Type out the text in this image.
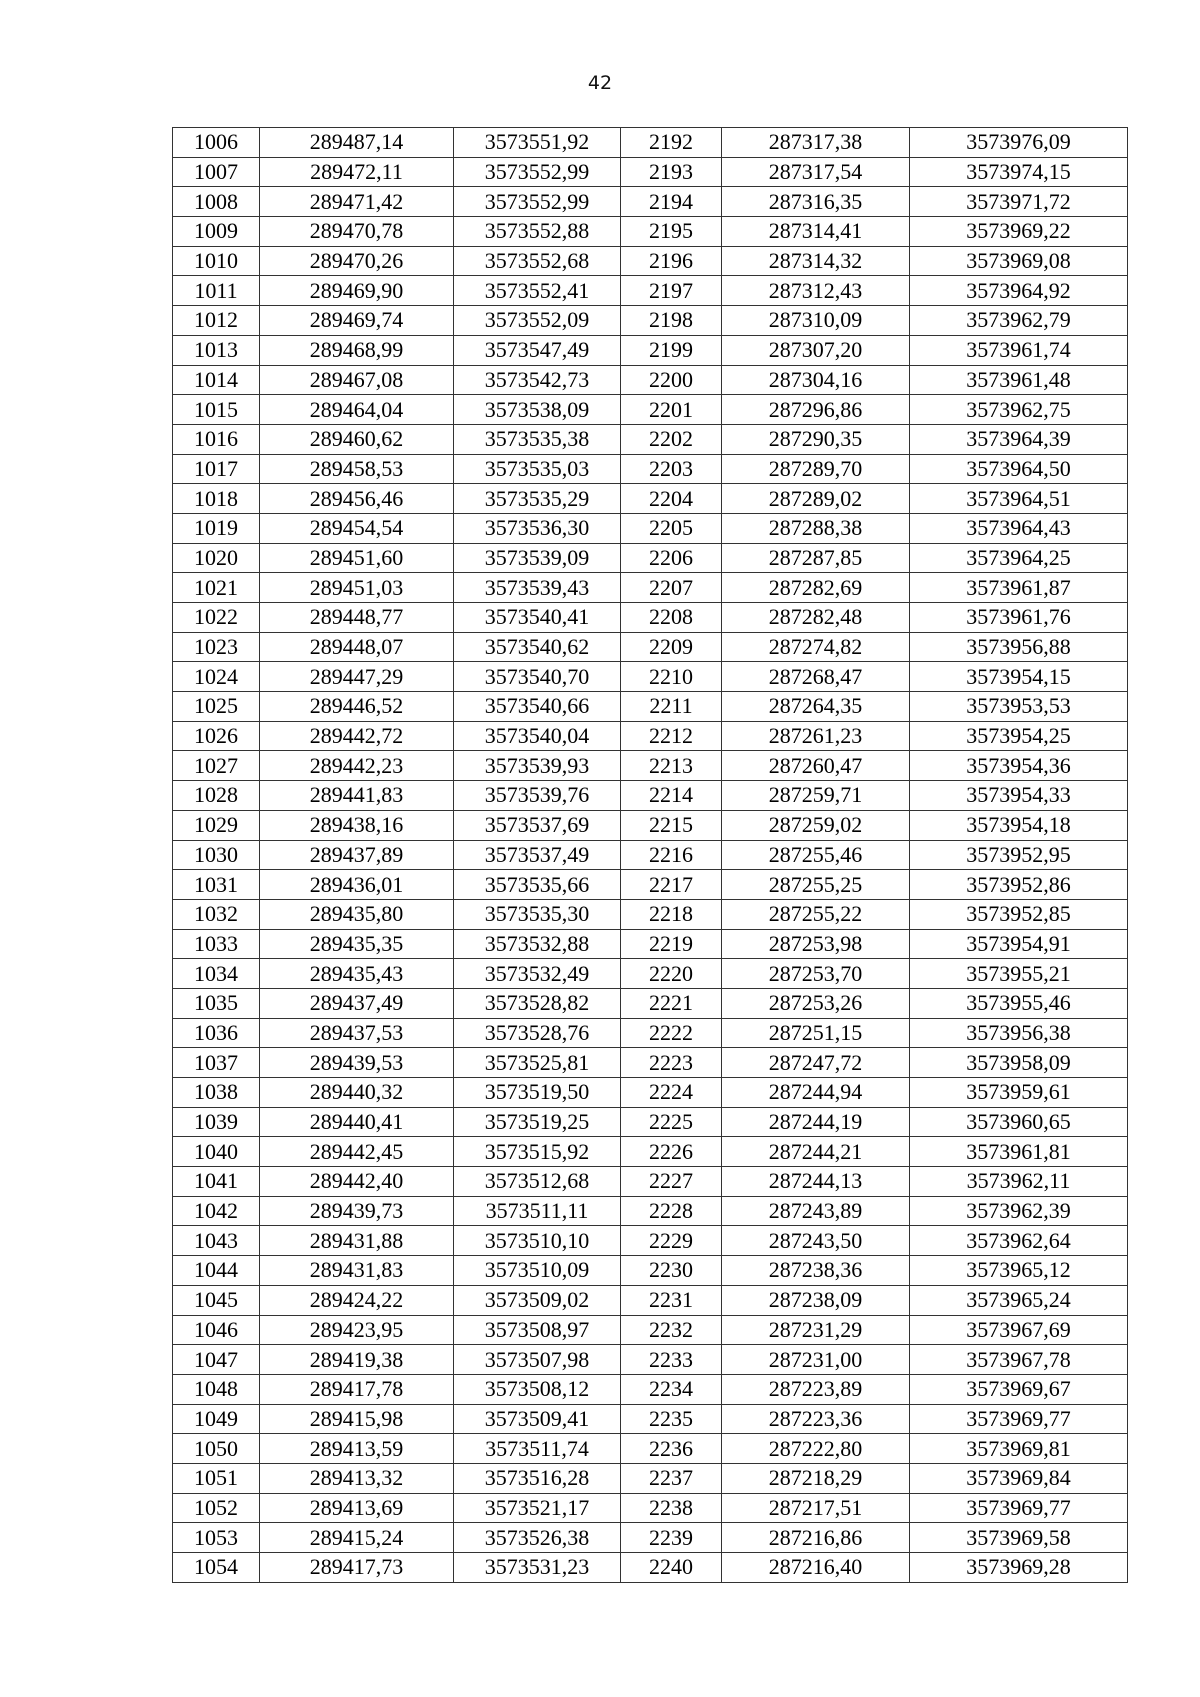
42
1006	289487,14	3573551,92	2192	287317,38	3573976,09
1007	289472,11	3573552,99	2193	287317,54	3573974,15
1008	289471,42	3573552,99	2194	287316,35	3573971,72
1009	289470,78	3573552,88	2195	287314,41	3573969,22
1010	289470,26	3573552,68	2196	287314,32	3573969,08
1011	289469,90	3573552,41	2197	287312,43	3573964,92
1012	289469,74	3573552,09	2198	287310,09	3573962,79
1013	289468,99	3573547,49	2199	287307,20	3573961,74
1014	289467,08	3573542,73	2200	287304,16	3573961,48
1015	289464,04	3573538,09	2201	287296,86	3573962,75
1016	289460,62	3573535,38	2202	287290,35	3573964,39
1017	289458,53	3573535,03	2203	287289,70	3573964,50
1018	289456,46	3573535,29	2204	287289,02	3573964,51
1019	289454,54	3573536,30	2205	287288,38	3573964,43
1020	289451,60	3573539,09	2206	287287,85	3573964,25
1021	289451,03	3573539,43	2207	287282,69	3573961,87
1022	289448,77	3573540,41	2208	287282,48	3573961,76
1023	289448,07	3573540,62	2209	287274,82	3573956,88
1024	289447,29	3573540,70	2210	287268,47	3573954,15
1025	289446,52	3573540,66	2211	287264,35	3573953,53
1026	289442,72	3573540,04	2212	287261,23	3573954,25
1027	289442,23	3573539,93	2213	287260,47	3573954,36
1028	289441,83	3573539,76	2214	287259,71	3573954,33
1029	289438,16	3573537,69	2215	287259,02	3573954,18
1030	289437,89	3573537,49	2216	287255,46	3573952,95
1031	289436,01	3573535,66	2217	287255,25	3573952,86
1032	289435,80	3573535,30	2218	287255,22	3573952,85
1033	289435,35	3573532,88	2219	287253,98	3573954,91
1034	289435,43	3573532,49	2220	287253,70	3573955,21
1035	289437,49	3573528,82	2221	287253,26	3573955,46
1036	289437,53	3573528,76	2222	287251,15	3573956,38
1037	289439,53	3573525,81	2223	287247,72	3573958,09
1038	289440,32	3573519,50	2224	287244,94	3573959,61
1039	289440,41	3573519,25	2225	287244,19	3573960,65
1040	289442,45	3573515,92	2226	287244,21	3573961,81
1041	289442,40	3573512,68	2227	287244,13	3573962,11
1042	289439,73	3573511,11	2228	287243,89	3573962,39
1043	289431,88	3573510,10	2229	287243,50	3573962,64
1044	289431,83	3573510,09	2230	287238,36	3573965,12
1045	289424,22	3573509,02	2231	287238,09	3573965,24
1046	289423,95	3573508,97	2232	287231,29	3573967,69
1047	289419,38	3573507,98	2233	287231,00	3573967,78
1048	289417,78	3573508,12	2234	287223,89	3573969,67
1049	289415,98	3573509,41	2235	287223,36	3573969,77
1050	289413,59	3573511,74	2236	287222,80	3573969,81
1051	289413,32	3573516,28	2237	287218,29	3573969,84
1052	289413,69	3573521,17	2238	287217,51	3573969,77
1053	289415,24	3573526,38	2239	287216,86	3573969,58
1054	289417,73	3573531,23	2240	287216,40	3573969,28
